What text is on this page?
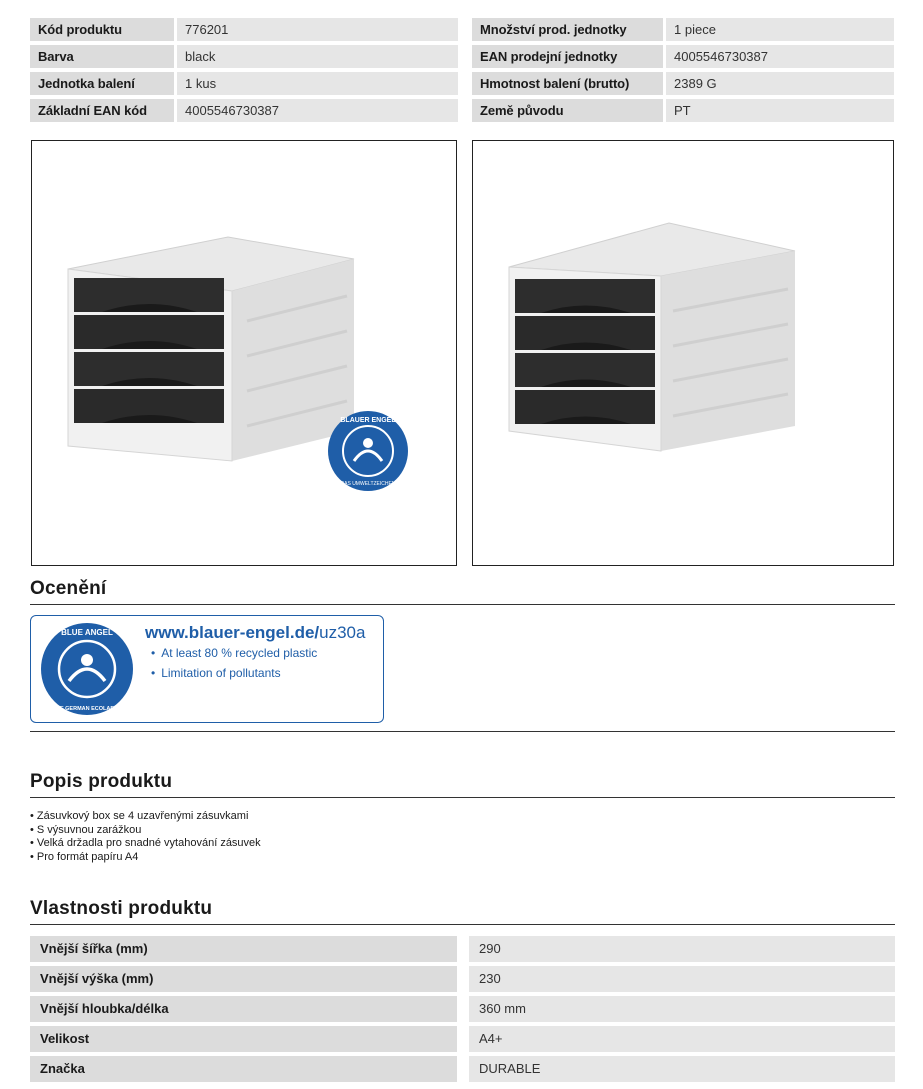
Kód produktu	776201
Barva	black
Jednotka balení	1 kus
Základní EAN kód	4005546730387
Množství prod. jednotky	1 piece
EAN prodejní jednotky	4005546730387
Hmotnost balení (brutto)	2389 G
Země původu	PT
BLAUER ENGEL
DAS UMWELTZEICHEN
Ocenění
BLUE ANGEL
THE GERMAN ECOLABEL
www.blauer-engel.de/uz30a
• At least 80 % recycled plastic
• Limitation of pollutants
Popis produktu
• Zásuvkový box se 4 uzavřenými zásuvkami
• S výsuvnou zarážkou
• Velká držadla pro snadné vytahování zásuvek
• Pro formát papíru A4
Vlastnosti produktu
Vnější šířka (mm)	290
Vnější výška (mm)	230
Vnější hloubka/délka	360 mm
Velikost	A4+
Značka	DURABLE
